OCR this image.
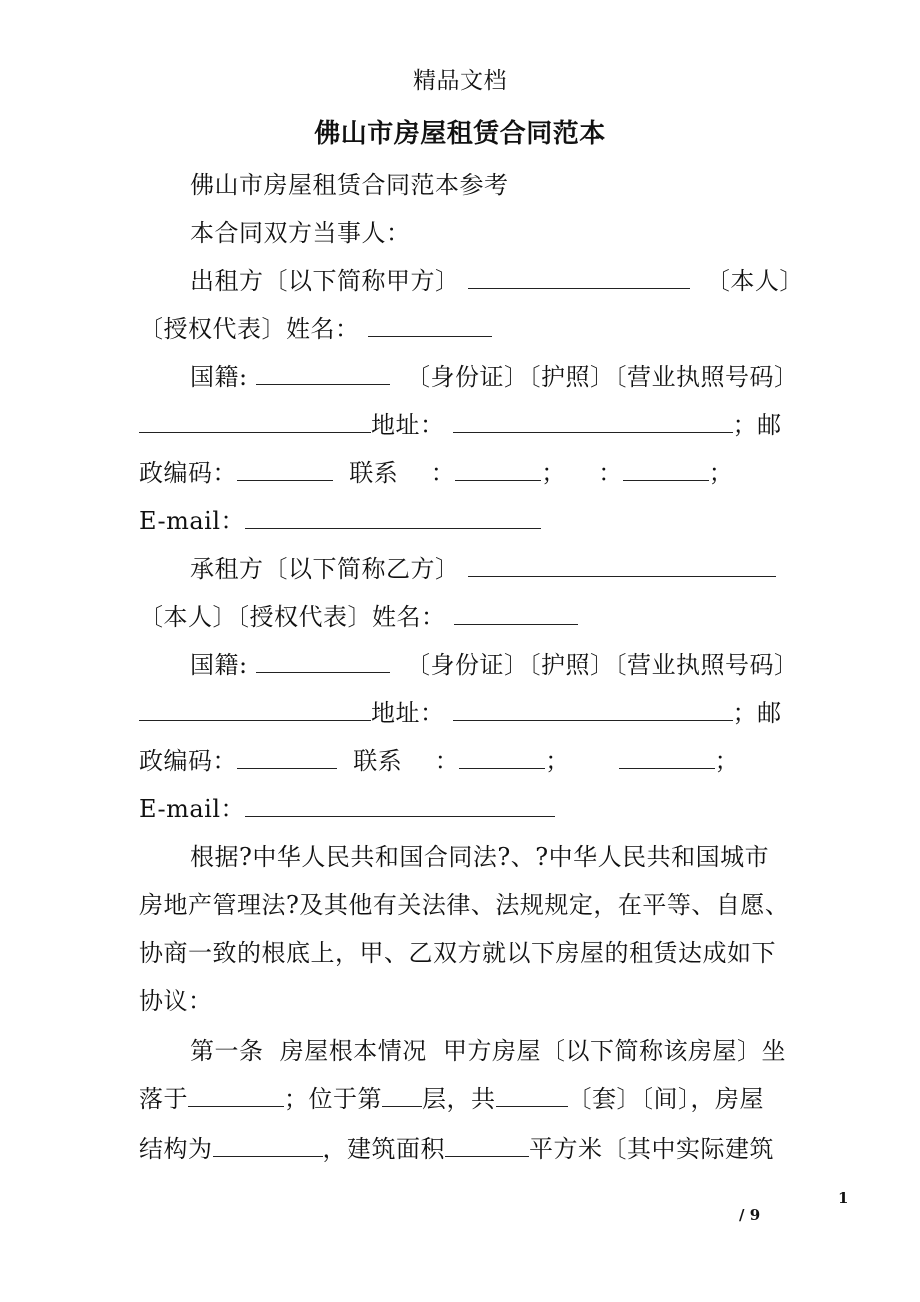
精品文档
佛山市房屋租赁合同范本
佛山市房屋租赁合同范本参考
本合同双方当事人：
出租方〔以下简称甲方〕	〔本人〕
〔授权代表〕姓名：
国籍:	〔身份证〕〔护照〕〔营业执照号码〕
地址：	；邮
政编码：	联系 ：	； ：	；
E-mail：
承租方〔以下简称乙方〕
〔本人〕〔授权代表〕姓名：
国籍:	〔身份证〕〔护照〕〔营业执照号码〕
地址：	；邮
政编码：	联系 ：	；	；
E-mail：
根据?中华人民共和国合同法?、?中华人民共和国城市
房地产管理法?及其他有关法律、法规规定，在平等、自愿、
协商一致的根底上，甲、乙双方就以下房屋的租赁达成如下
协议：
第一条  房屋根本情况  甲方房屋〔以下简称该房屋〕坐
落于	；位于第 层，共	〔套〕〔间〕，房屋
结构为	，建筑面积	平方米〔其中实际建筑
1
/ 9
